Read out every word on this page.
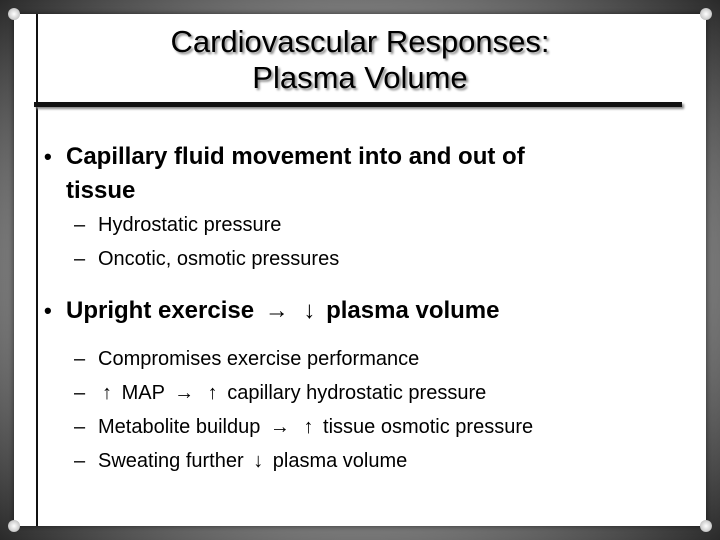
Cardiovascular Responses:
Plasma Volume
• Capillary fluid movement into and out of
tissue
– Hydrostatic pressure
– Oncotic, osmotic pressures
• Upright exercise → ↓ plasma volume
– Compromises exercise performance
– ↑ MAP → ↑ capillary hydrostatic pressure
– Metabolite buildup → ↑ tissue osmotic pressure
– Sweating further ↓ plasma volume
